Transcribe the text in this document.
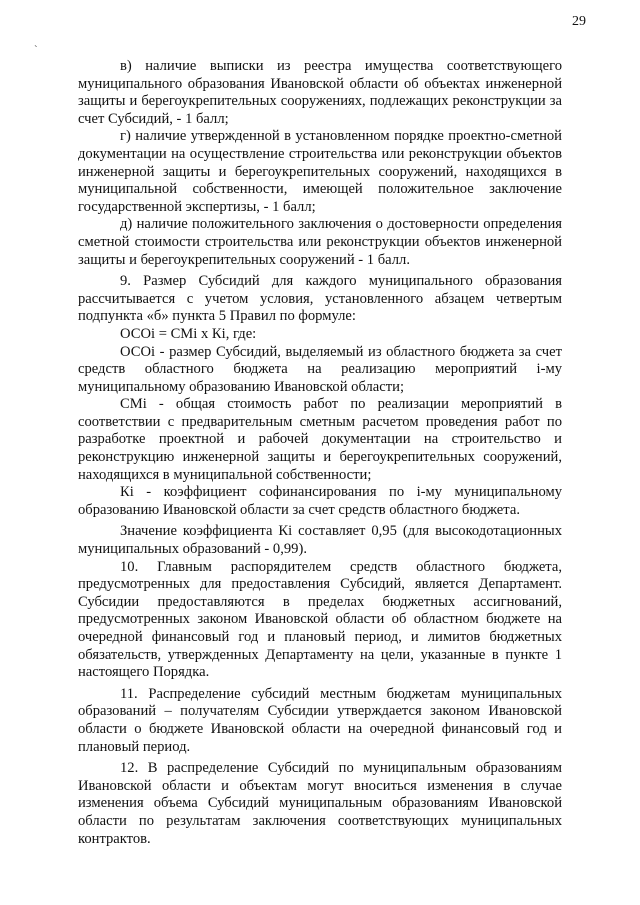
29
`

в) наличие выписки из реестра имущества соответствующего муниципального образования Ивановской области об объектах инженерной защиты и берегоукрепительных сооружениях, подлежащих реконструкции за счет Субсидий, - 1 балл;

г) наличие утвержденной в установленном порядке проектно-сметной документации на осуществление строительства или реконструкции объектов инженерной защиты и берегоукрепительных сооружений, находящихся в муниципальной собственности, имеющей положительное заключение государственной экспертизы, - 1 балл;

д) наличие положительного заключения о достоверности определения сметной стоимости строительства или реконструкции объектов инженерной защиты и берегоукрепительных сооружений - 1 балл.

9. Размер Субсидий для каждого муниципального образования рассчитывается с учетом условия, установленного абзацем четвертым подпункта «б» пункта 5 Правил по формуле:

ОСОi = СМi x Кi, где:

ОСОi - размер Субсидий, выделяемый из областного бюджета за счет средств областного бюджета на реализацию мероприятий i-му муниципальному образованию Ивановской области;

СМi - общая стоимость работ по реализации мероприятий в соответствии с предварительным сметным расчетом проведения работ по разработке проектной и рабочей документации на строительство и реконструкцию инженерной защиты и берегоукрепительных сооружений, находящихся в муниципальной собственности;

Кi - коэффициент софинансирования по i-му муниципальному образованию Ивановской области за счет средств областного бюджета.

Значение коэффициента Кi составляет 0,95 (для высокодотационных муниципальных образований - 0,99).

10. Главным распорядителем средств областного бюджета, предусмотренных для предоставления Субсидий, является Департамент. Субсидии предоставляются в пределах бюджетных ассигнований, предусмотренных законом Ивановской области об областном бюджете на очередной финансовый год и плановый период, и лимитов бюджетных обязательств, утвержденных Департаменту на цели, указанные в пункте 1 настоящего Порядка.

11. Распределение субсидий местным бюджетам муниципальных образований – получателям Субсидии утверждается законом Ивановской области о бюджете Ивановской области на очередной финансовый год и плановый период.

12. В распределение Субсидий по муниципальным образованиям Ивановской области и объектам могут вноситься изменения в случае изменения объема Субсидий муниципальным образованиям Ивановской области по результатам заключения соответствующих муниципальных контрактов.
